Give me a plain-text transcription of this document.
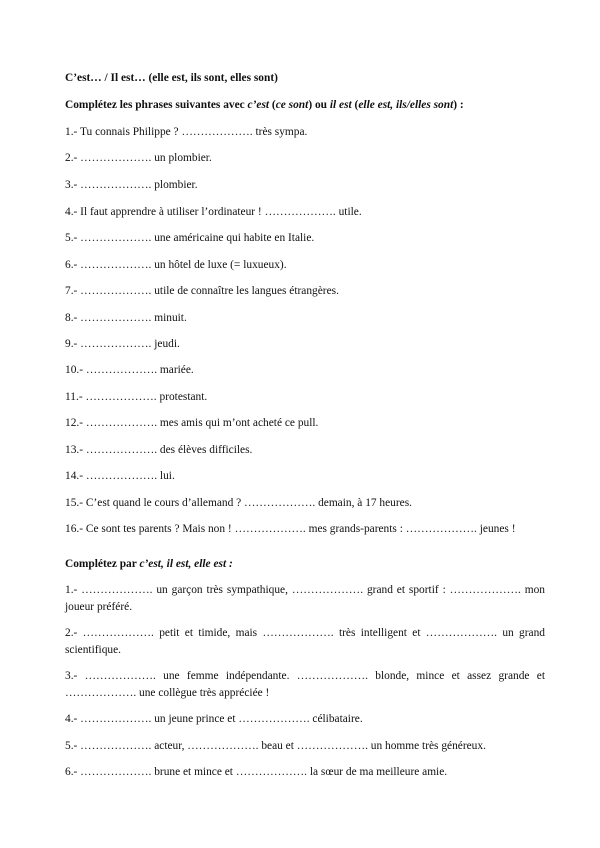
C’est… / Il est… (elle est, ils sont, elles sont)
Complétez les phrases suivantes avec c’est (ce sont) ou il est (elle est, ils/elles sont) :
1.- Tu connais Philippe ? ………………. très sympa.
2.- ………………. un plombier.
3.- ………………. plombier.
4.- Il faut apprendre à utiliser l’ordinateur ! ………………. utile.
5.- ………………. une américaine qui habite en Italie.
6.- ………………. un hôtel de luxe (= luxueux).
7.- ………………. utile de connaître les langues étrangères.
8.- ………………. minuit.
9.- ………………. jeudi.
10.- ………………. mariée.
11.- ………………. protestant.
12.- ………………. mes amis qui m’ont acheté ce pull.
13.- ………………. des élèves difficiles.
14.- ………………. lui.
15.- C’est quand le cours d’allemand ? ………………. demain, à 17 heures.
16.- Ce sont tes parents ? Mais non ! ………………. mes grands-parents : ………………. jeunes !
Complétez par c’est, il est, elle est :
1.- ………………. un garçon très sympathique, ………………. grand et sportif : ………………. mon joueur préféré.
2.- ………………. petit et timide, mais ………………. très intelligent et ………………. un grand scientifique.
3.- ………………. une femme indépendante. ………………. blonde, mince et assez grande et ………………. une collègue très appréciée !
4.- ………………. un jeune prince et ………………. célibataire.
5.- ………………. acteur, ………………. beau et ………………. un homme très généreux.
6.- ………………. brune et mince et ………………. la sœur de ma meilleure amie.
